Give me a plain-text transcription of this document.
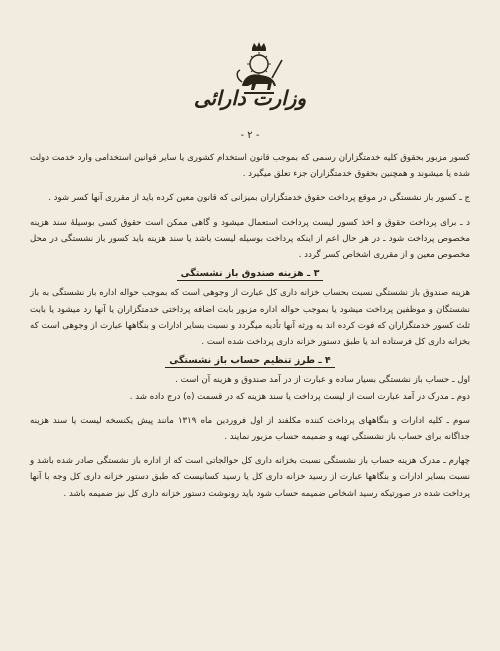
وزارت دارائی
- ۲ -

کسور مزبور بحقوق کلیه خدمتگزاران رسمی که بموجب قانون استخدام کشوری یا سایر قوانین استخدامی وارد خدمت دولت شده یا میشوند و همچنین بحقوق خدمتگزاران جزء تعلق میگیرد .

ج ـ کسور باز نشستگی در موقع پرداخت حقوق خدمتگزاران بمیزانی که قانون معین کرده باید از مقرری آنها کسر شود .

د ـ برای پرداخت حقوق و اخذ کسور لیست پرداخت استعمال میشود و گاهی ممکن است حقوق کسی بوسیلهٔ سند هزینه مخصوص پرداخت شود ـ در هر حال اعم از اینکه پرداخت بوسیله لیست باشد یا سند هزینه باید کسور باز نشستگی در محل مخصوص معین و از مقرری اشخاص کسر گردد .

۳ ـ هزینه صندوق باز نشستگی

هزینه صندوق باز نشستگی نسبت بحساب خزانه داری کل عبارت از وجوهی است که بموجب حواله اداره باز نشستگی به باز نشستگان و موظفین پرداخت میشود یا بموجب حواله اداره مزبور بابت اضافه پرداختی خدمتگزاران یا آنها رد میشود یا بابت ثلث کسور خدمتگزاران که فوت کرده اند به ورثه آنها تأدیه میگردد و نسبت بسایر ادارات و بنگاهها عبارت از وجوهی است که بخزانه داری کل فرستاده اند یا طبق دستور خزانه داری پرداخت شده است .

۴ ـ طرز تنظیم حساب باز نشستگی

اول ـ حساب باز نشستگی بسیار ساده و عبارت از در آمد صندوق و هزینه آن است .

دوم ـ مدرک در آمد عبارت است از لیست پرداخت یا سند هزینه که در قسمت (ه) درج داده شد .

سوم ـ کلیه ادارات و بنگاههای پرداخت کننده مکلفند از اول فروردین ماه ۱۳۱۹ مانند پیش یکنسخه لیست یا سند هزینه جداگانه برای حساب باز نشستگی تهیه و ضمیمه حساب مزبور نمایند .

چهارم ـ مدرک هزینه حساب باز نشستگی نسبت بخزانه داری کل حوالجاتی است که از اداره باز نشستگی صادر شده باشد و نسبت بسایر ادارات و بنگاهها عبارت از رسید خزانه داری کل یا رسید کسانیست که طبق دستور خزانه داری کل وجه با آنها پرداخت شده در صورتیکه رسید اشخاص ضمیمه حساب شود باید رونوشت دستور خزانه داری کل نیز ضمیمه باشد .
